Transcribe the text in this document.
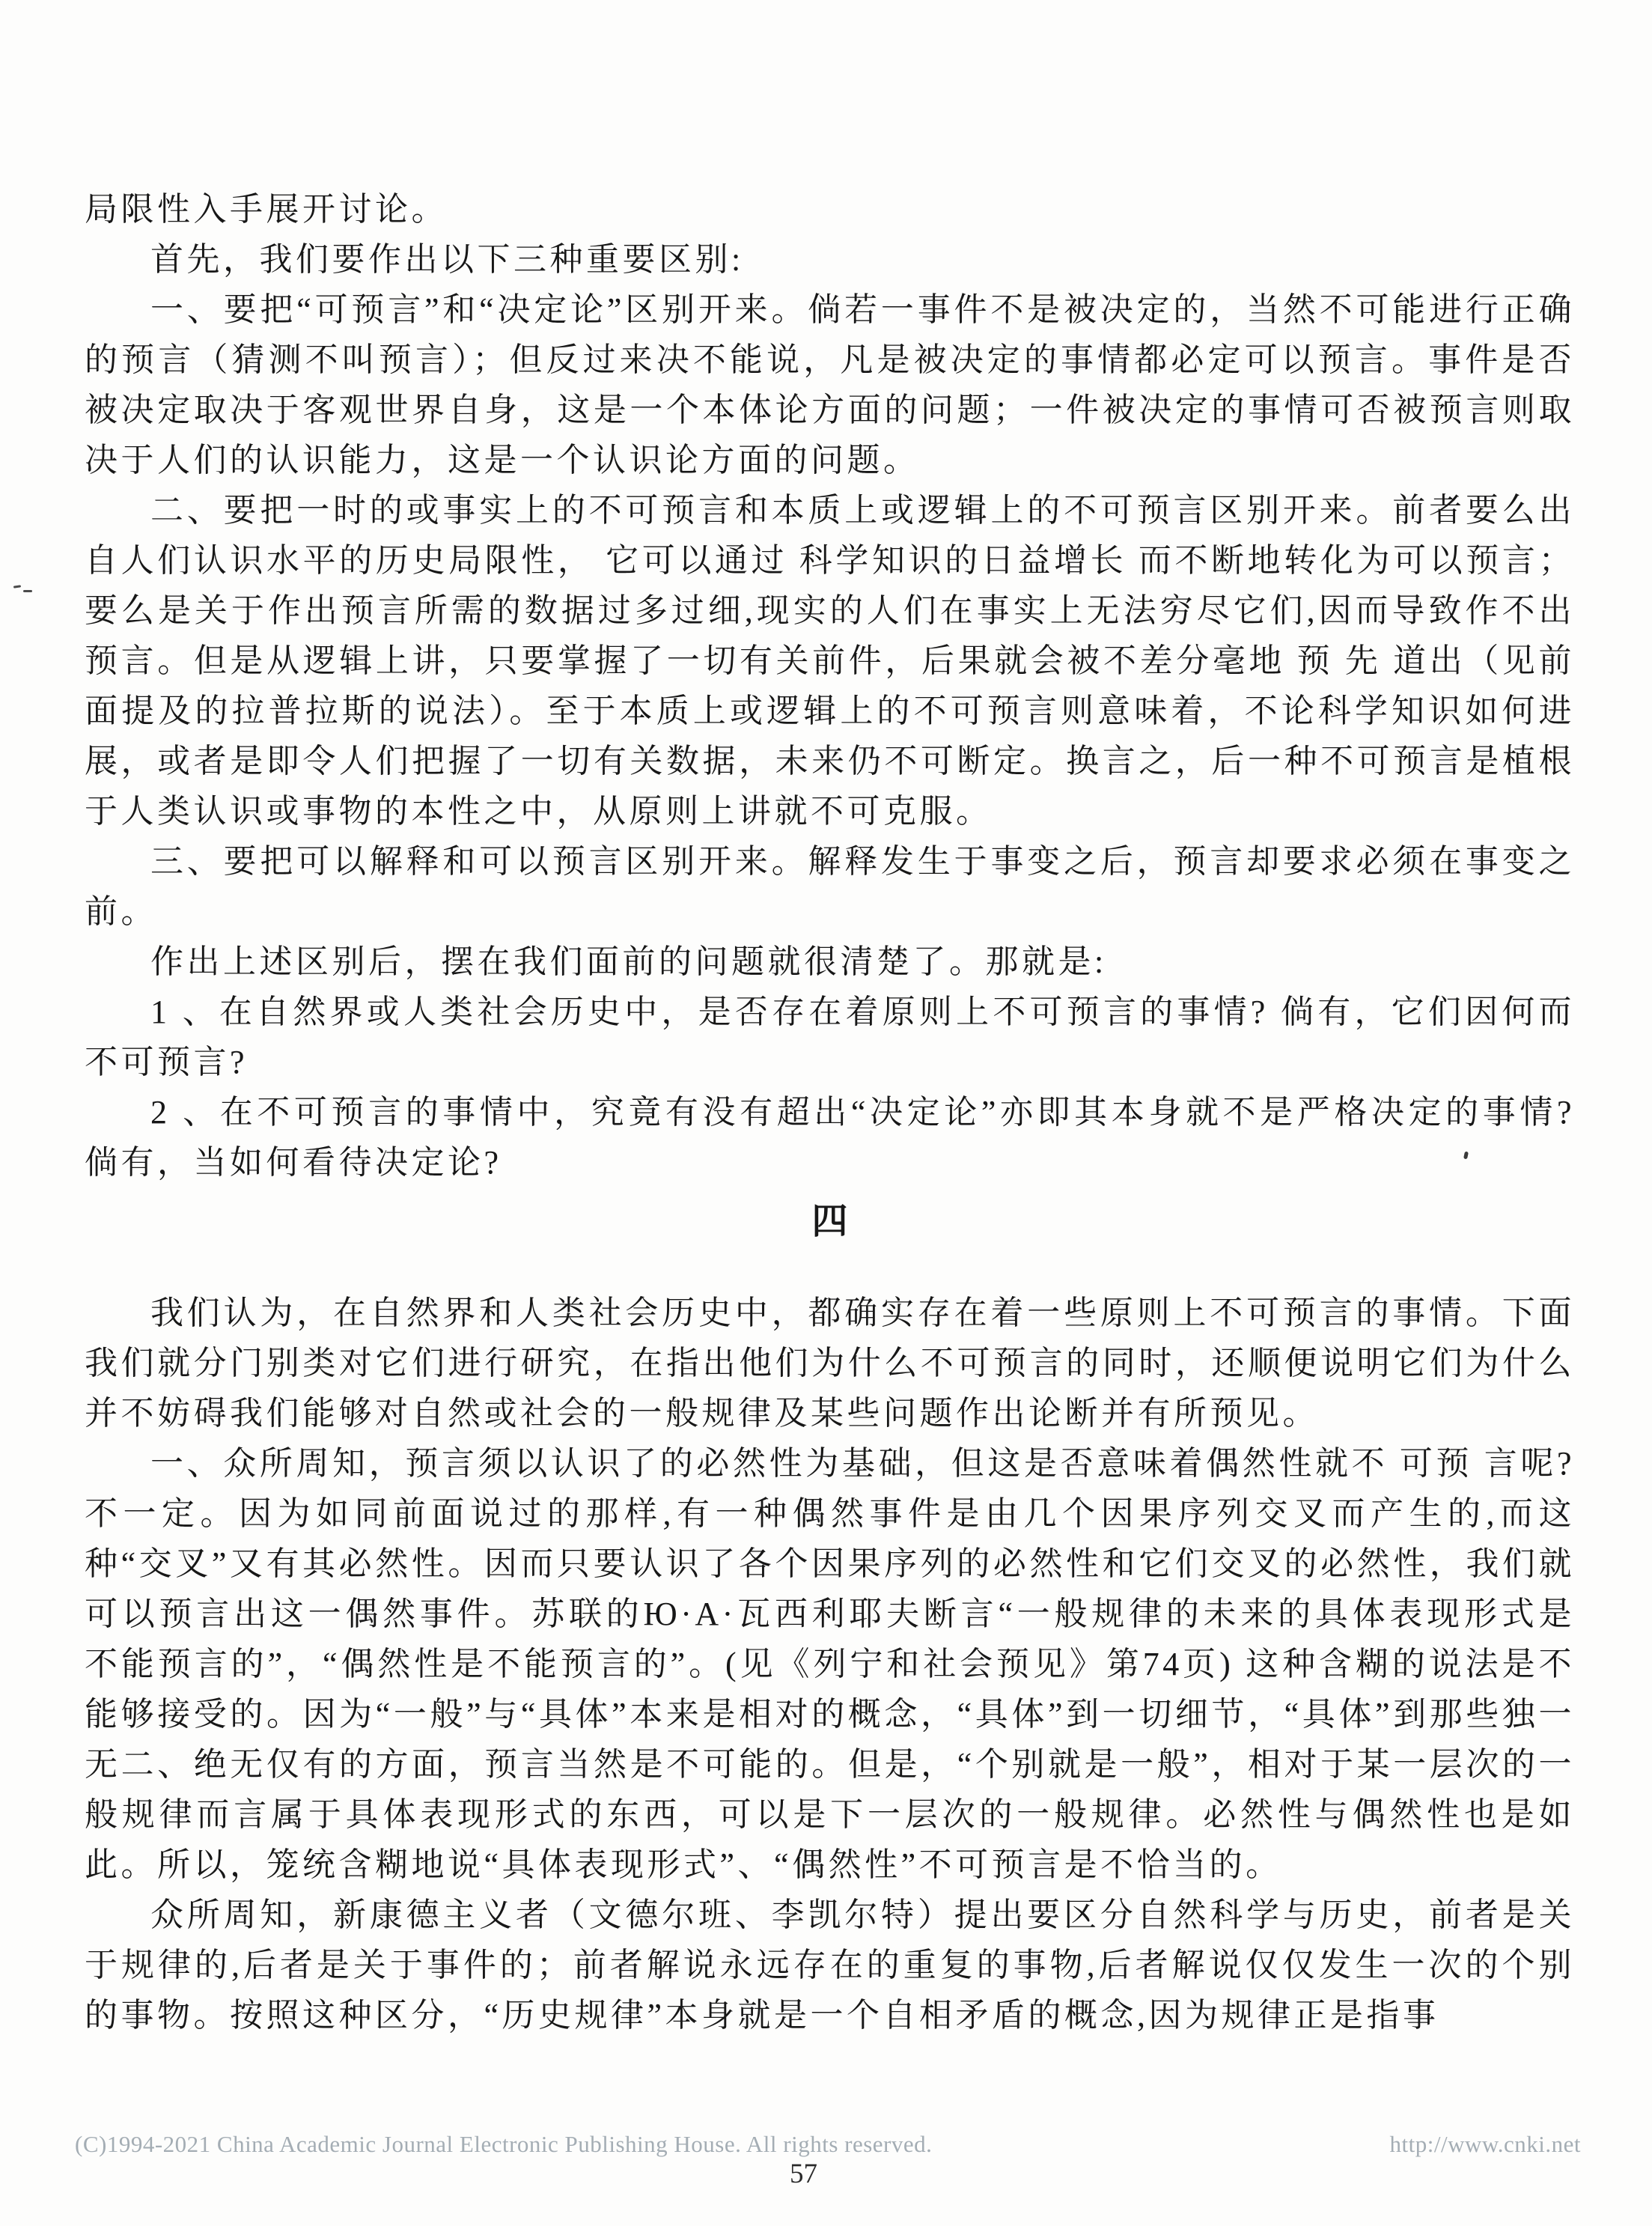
局限性入手展开讨论。

首先，我们要作出以下三种重要区别:

一、要把“可预言”和“决定论”区别开来。倘若一事件不是被决定的，当然不可能进行正确的预言（猜测不叫预言）；但反过来决不能说，凡是被决定的事情都必定可以预言。事件是否被决定取决于客观世界自身，这是一个本体论方面的问题；一件被决定的事情可否被预言则取决于人们的认识能力，这是一个认识论方面的问题。

二、要把一时的或事实上的不可预言和本质上或逻辑上的不可预言区别开来。前者要么出自人们认识水平的历史局限性， 它可以通过 科学知识的日益增长 而不断地转化为可以预言；要么是关于作出预言所需的数据过多过细,现实的人们在事实上无法穷尽它们,因而导致作不出预言。但是从逻辑上讲，只要掌握了一切有关前件，后果就会被不差分毫地 预 先 道出（见前面提及的拉普拉斯的说法）。至于本质上或逻辑上的不可预言则意味着，不论科学知识如何进展，或者是即令人们把握了一切有关数据，未来仍不可断定。换言之，后一种不可预言是植根于人类认识或事物的本性之中，从原则上讲就不可克服。

三、要把可以解释和可以预言区别开来。解释发生于事变之后，预言却要求必须在事变之前。

作出上述区别后，摆在我们面前的问题就很清楚了。那就是:

1 、在自然界或人类社会历史中，是否存在着原则上不可预言的事情? 倘有，它们因何而不可预言?

2 、在不可预言的事情中，究竟有没有超出“决定论”亦即其本身就不是严格决定的事情? 倘有，当如何看待决定论?

四

我们认为，在自然界和人类社会历史中，都确实存在着一些原则上不可预言的事情。下面我们就分门别类对它们进行研究，在指出他们为什么不可预言的同时，还顺便说明它们为什么并不妨碍我们能够对自然或社会的一般规律及某些问题作出论断并有所预见。

一、众所周知，预言须以认识了的必然性为基础，但这是否意味着偶然性就不 可预 言呢? 不一定。因为如同前面说过的那样,有一种偶然事件是由几个因果序列交叉而产生的,而这种“交叉”又有其必然性。因而只要认识了各个因果序列的必然性和它们交叉的必然性，我们就可以预言出这一偶然事件。苏联的Ю·A·瓦西利耶夫断言“一般规律的未来的具体表现形式是不能预言的”，“偶然性是不能预言的”。(见《列宁和社会预见》第74页) 这种含糊的说法是不能够接受的。因为“一般”与“具体”本来是相对的概念，“具体”到一切细节，“具体”到那些独一无二、绝无仅有的方面，预言当然是不可能的。但是，“个别就是一般”，相对于某一层次的一般规律而言属于具体表现形式的东西，可以是下一层次的一般规律。必然性与偶然性也是如此。所以，笼统含糊地说“具体表现形式”、“偶然性”不可预言是不恰当的。

众所周知，新康德主义者（文德尔班、李凯尔特）提出要区分自然科学与历史，前者是关于规律的,后者是关于事件的；前者解说永远存在的重复的事物,后者解说仅仅发生一次的个别的事物。按照这种区分，“历史规律”本身就是一个自相矛盾的概念,因为规律正是指事

(C)1994-2021 China Academic Journal Electronic Publishing House. All rights reserved.	http://www.cnki.net
57
